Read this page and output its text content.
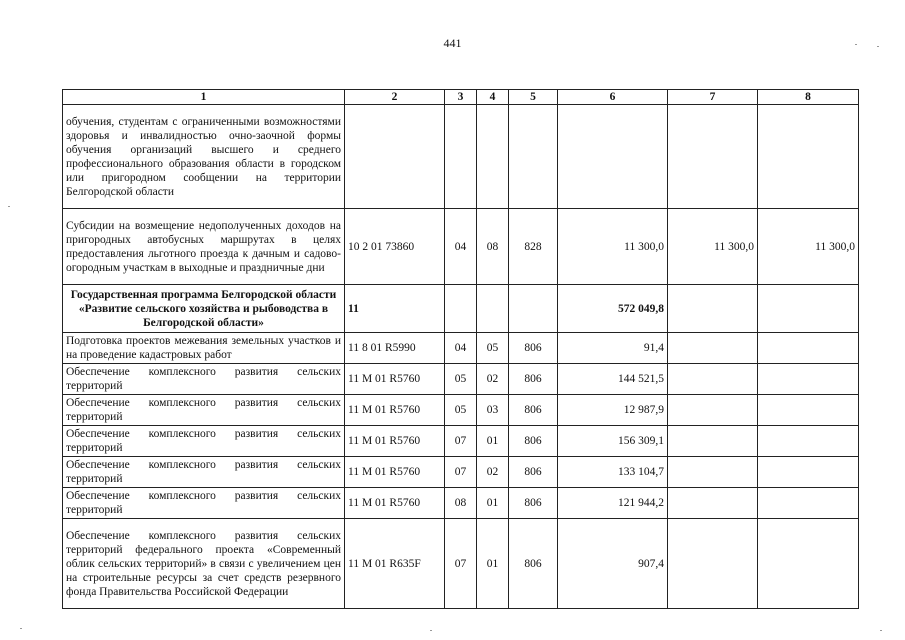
441
1	2	3	4	5	6	7	8
обучения, студентам с ограниченными возможностями здоровья и инвалидностью очно-заочной формы обучения организаций высшего и среднего профессионального образования области в городском или пригородном сообщении на территории Белгородской области							
Субсидии на возмещение недополученных доходов на пригородных автобусных маршрутах в целях предоставления льготного проезда к дачным и садово-огородным участкам в выходные и праздничные дни	10 2 01 73860	04	08	828	11 300,0	11 300,0	11 300,0
Государственная программа Белгородской области «Развитие сельского хозяйства и рыбоводства в Белгородской области»	11				572 049,8		
Подготовка проектов межевания земельных участков и на проведение кадастровых работ	11 8 01 R5990	04	05	806	91,4		
Обеспечение комплексного развития сельских территорий	11 M 01 R5760	05	02	806	144 521,5		
Обеспечение комплексного развития сельских территорий	11 M 01 R5760	05	03	806	12 987,9		
Обеспечение комплексного развития сельских территорий	11 M 01 R5760	07	01	806	156 309,1		
Обеспечение комплексного развития сельских территорий	11 M 01 R5760	07	02	806	133 104,7		
Обеспечение комплексного развития сельских территорий	11 M 01 R5760	08	01	806	121 944,2		
Обеспечение комплексного развития сельских территорий федерального проекта «Современный облик сельских территорий» в связи с увеличением цен на строительные ресурсы за счет средств резервного фонда Правительства Российской Федерации	11 M 01 R635F	07	01	806	907,4		
